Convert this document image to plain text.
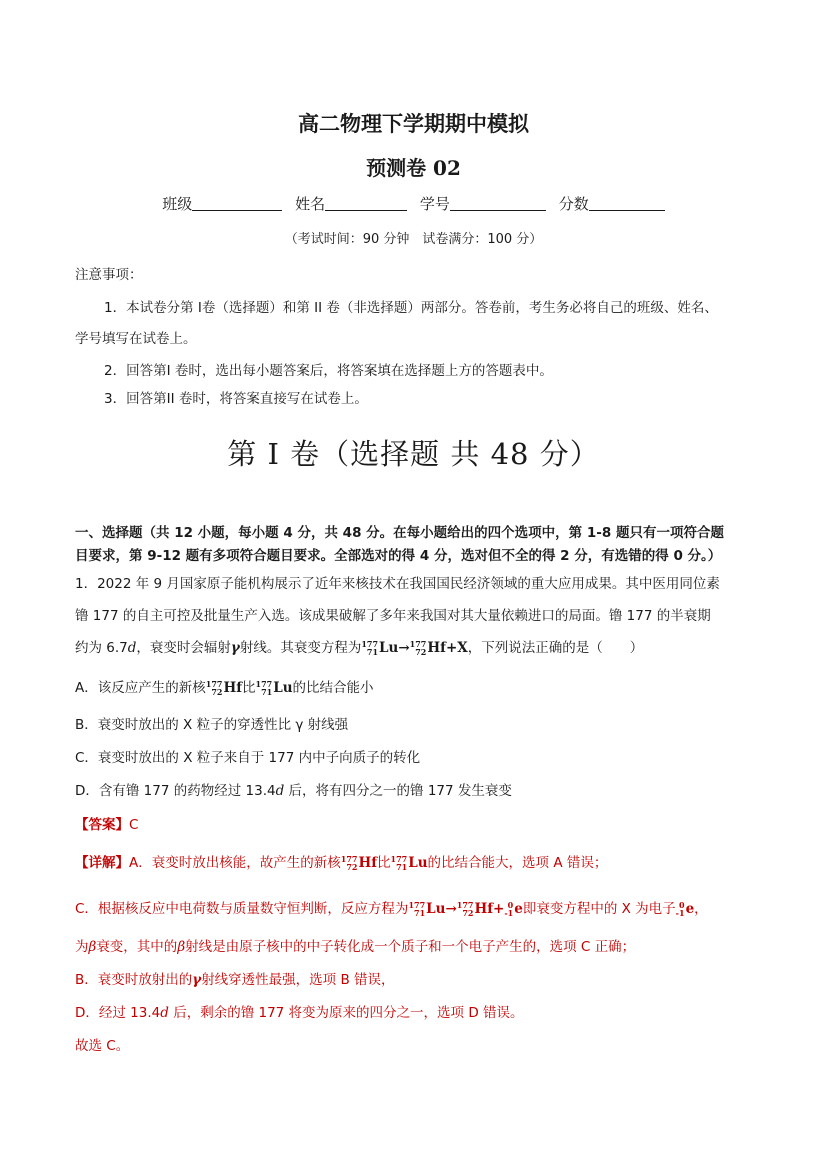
高二物理下学期期中模拟
预测卷 02
班级	姓名	学号	分数
（考试时间：90 分钟　试卷满分：100 分）
注意事项：
1．本试卷分第 I卷（选择题）和第 II 卷（非选择题）两部分。答卷前，考生务必将自己的班级、姓名、
学号填写在试卷上。
2．回答第I 卷时，选出每小题答案后，将答案填在选择题上方的答题表中。
3．回答第II 卷时，将答案直接写在试卷上。
第 I 卷（选择题 共 48 分）
一、选择题（共 12 小题，每小题 4 分，共 48 分。在每小题给出的四个选项中，第 1-8 题只有一项符合题
目要求，第 9-12 题有多项符合题目要求。全部选对的得 4 分，选对但不全的得 2 分，有选错的得 0 分。）
1．2022 年 9 月国家原子能机构展示了近年来核技术在我国国民经济领域的重大应用成果。其中医用同位素
镥 177 的自主可控及批量生产入选。该成果破解了多年来我国对其大量依赖进口的局面。镥 177 的半衰期
约为 6.7d，衰变时会辐射γ射线。其衰变方程为 177
71 Lu→ 177
72 Hf+X，下列说法正确的是（　　）
A．该反应产生的新核 177
72 Hf比 177
71 Lu的比结合能小
B．衰变时放出的 X 粒子的穿透性比 γ 射线强
C．衰变时放出的 X 粒子来自于 177 内中子向质子的转化
D．含有镥 177 的药物经过 13.4d 后，将有四分之一的镥 177 发生衰变
【答案】C
【详解】A．衰变时放出核能，故产生的新核 177
72 Hf比 177
71 Lu的比结合能大，选项 A 错误；
C．根据核反应中电荷数与质量数守恒判断，反应方程为 177
71 Lu→ 177
72 Hf+ 0
-1 e即衰变方程中的 X 为电子 0
-1 e，
为β衰变，其中的β射线是由原子核中的中子转化成一个质子和一个电子产生的，选项 C 正确；
B．衰变时放射出的γ射线穿透性最强，选项 B 错误，
D．经过 13.4d 后，剩余的镥 177 将变为原来的四分之一，选项 D 错误。
故选 C。
